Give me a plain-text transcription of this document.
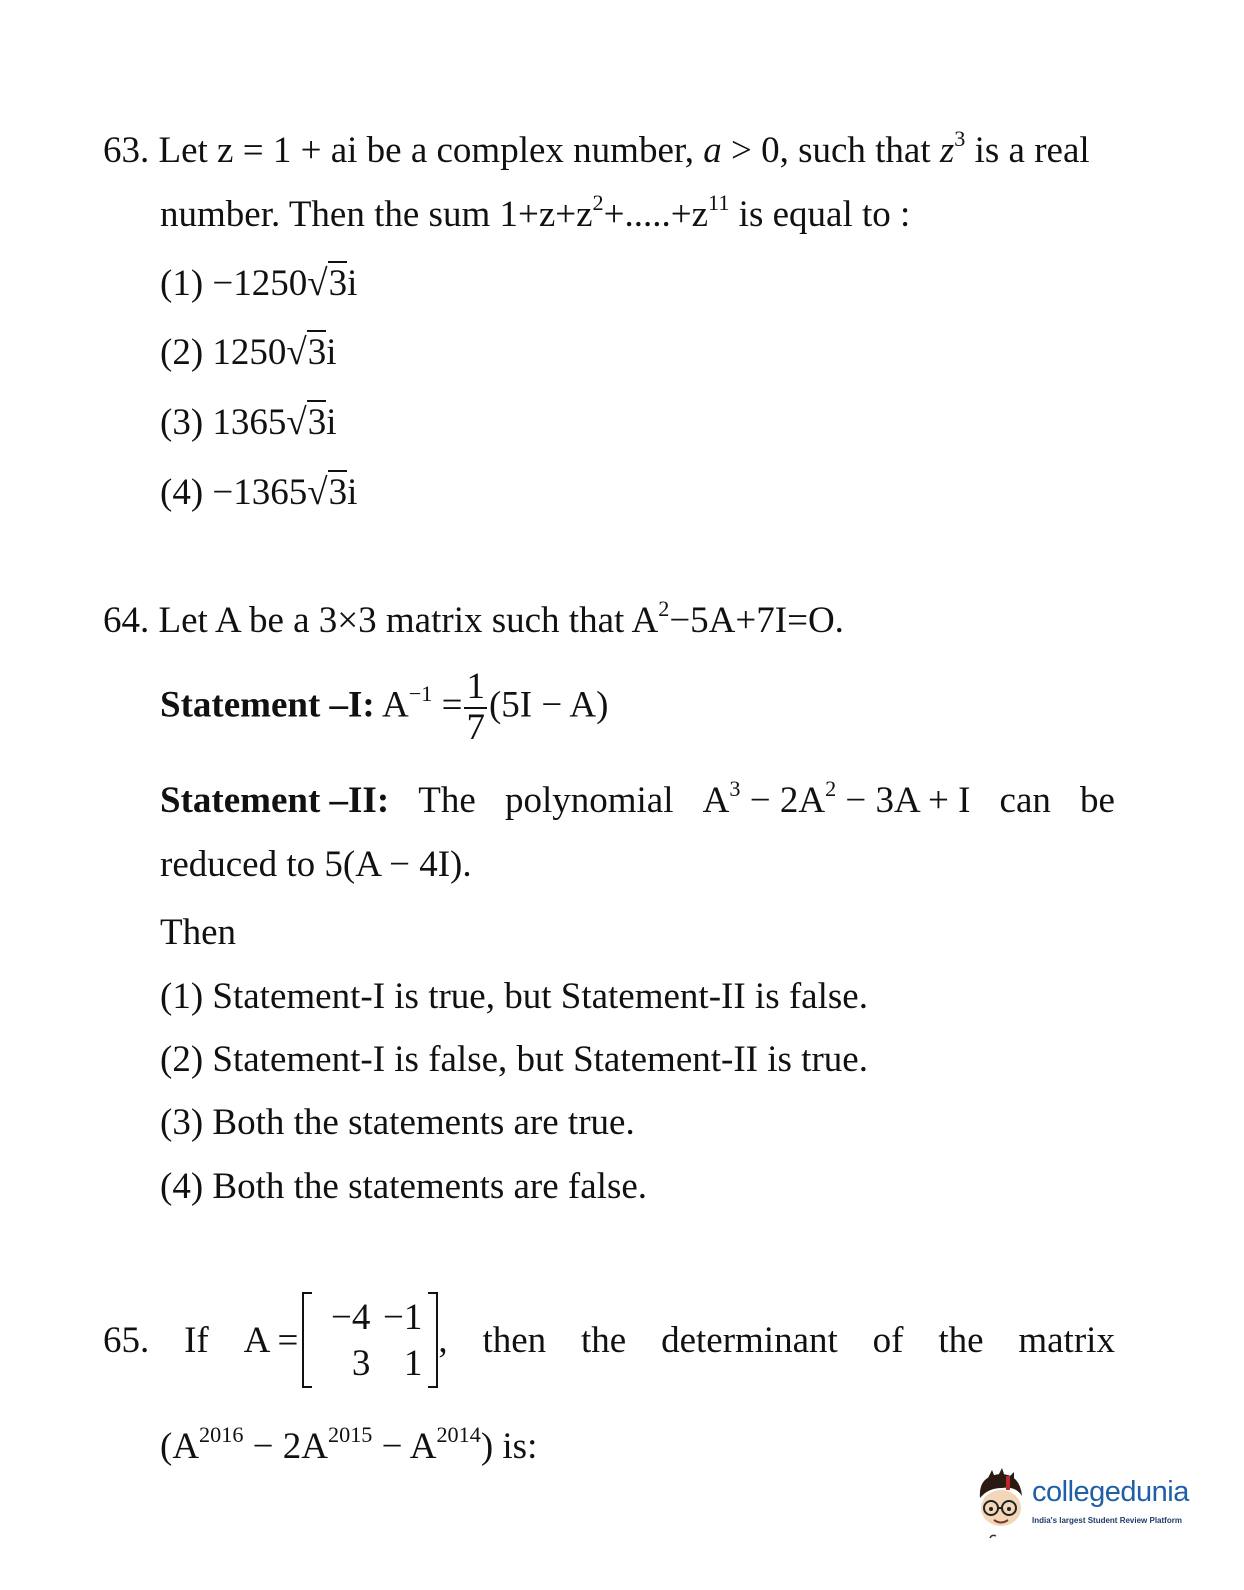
63. Let z = 1 + ai be a complex number, a > 0, such that $z^3$ is a real
number. Then the sum $1+z+z^2+.....+z^{11}$ is equal to :
(1) −1250√3i
(2) 1250√3i
(3) 1365√3i
(4) −1365√3i
64. Let A be a 3×3 matrix such that $A^2-5A+7I=O$.
Statement –I: $A^{-1} = \frac{1}{7} (5I - A)$
Statement –II: The polynomial $A^3 - 2A^2 - 3A + I$ can be
reduced to 5(A − 4I).
Then
(1) Statement-I is true, but Statement-II is false.
(2) Statement-I is false, but Statement-II is true.
(3) Both the statements are true.
(4) Both the statements are false.
65. If A =
−4 −1
3 1
, then the determinant of the matrix
$(A^{2016} - 2A^{2015} - A^{2014})$ is:
collegedunia
India's largest Student Review Platform
